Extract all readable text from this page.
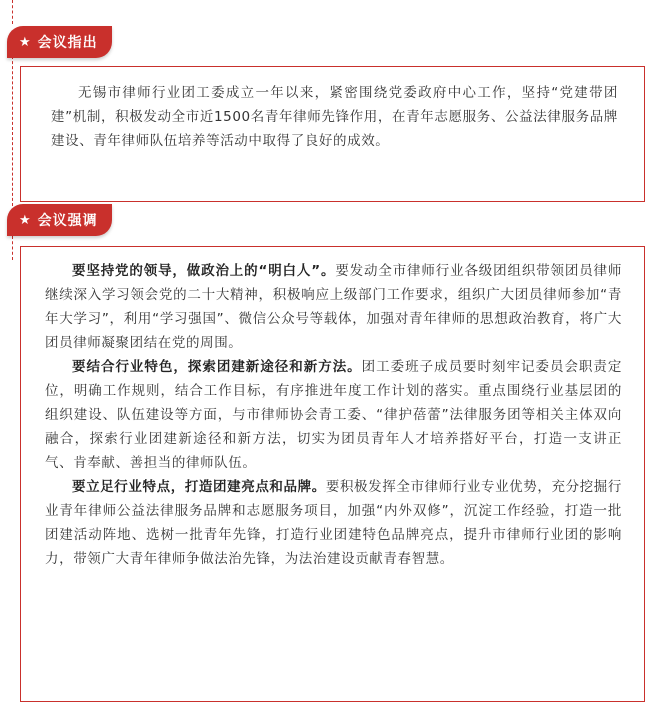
★ 会议指出

无锡市律师行业团工委成立一年以来，紧密围绕党委政府中心工作，坚持“党建带团建”机制，积极发动全市近1500名青年律师先锋作用，在青年志愿服务、公益法律服务品牌建设、青年律师队伍培养等活动中取得了良好的成效。

★ 会议强调

要坚持党的领导，做政治上的“明白人”。要发动全市律师行业各级团组织带领团员律师继续深入学习领会党的二十大精神，积极响应上级部门工作要求，组织广大团员律师参加“青年大学习”，利用“学习强国”、微信公众号等载体，加强对青年律师的思想政治教育，将广大团员律师凝聚团结在党的周围。

要结合行业特色，探索团建新途径和新方法。团工委班子成员要时刻牢记委员会职责定位，明确工作规则，结合工作目标，有序推进年度工作计划的落实。重点围绕行业基层团的组织建设、队伍建设等方面，与市律师协会青工委、“律护蓓蕾”法律服务团等相关主体双向融合，探索行业团建新途径和新方法，切实为团员青年人才培养搭好平台，打造一支讲正气、肯奉献、善担当的律师队伍。

要立足行业特点，打造团建亮点和品牌。要积极发挥全市律师行业专业优势，充分挖掘行业青年律师公益法律服务品牌和志愿服务项目，加强“内外双修”，沉淀工作经验，打造一批团建活动阵地、选树一批青年先锋，打造行业团建特色品牌亮点，提升市律师行业团的影响力，带领广大青年律师争做法治先锋，为法治建设贡献青春智慧。
